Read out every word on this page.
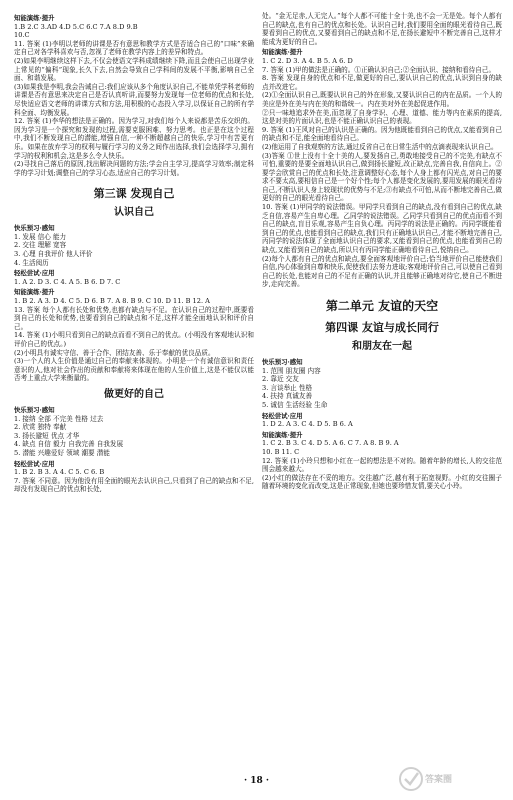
知能演练·提升
1.B 2.C 3.AD 4.D 5.C 6.C 7.A 8.D 9.B
10.C
11. 答案 (1)李明以老师的讲课是否有意思和教学方式是否适合自己的“口味”来确定自己对各学科喜欢与否,忽视了老师在教学内容上的差异和特点。
(2)如果李明继续这样下去,不仅会使语文学科成绩继续下降,而且会使自己出现学业上常见的“偏科”现象,长久下去,自然会导致自己学科间的发展不平衡,影响自己全面、和谐发展。
(3)如果我是李明,我会告诫自己:我们应该从多个角度认识自己,不能单凭学科老师的讲课是否有意思来决定自己是否认真听讲,而要努力发现每一位老师的优点和长处,尽快适应语文老师的讲课方式和方法,用积极的心态投入学习,以保证自己的所有学科全面、均衡发展。
12. 答案 (1)李华的想法是正确的。因为学习,对我们每个人来说都是苦乐交织的。因为学习是一个探究和发现的过程,需要克服困难、努力思考。也正是在这个过程中,我们不断发现自己的潜能,增强自信,一种不断超越自己的快乐,学习中有苦更有乐。如果在放弃学习的权利与履行学习的义务之间作出选择,我们会选择学习,拥有学习的权利和机会,这是多么令人快乐。
(2)寻找自己落后的原因,找出解决问题的方法;学会自主学习,提高学习效率;制定科学的学习计划;调整自己的学习心态,适应自己的学习计划。
第三课 发现自己
认识自己
快乐预习·感知
1. 发展 信心 能力
2. 交往 理解 宽容
3. 心理 自我评价 他人评价
4. 生活阅历
轻松尝试·应用
1. A 2. D 3. C 4. A 5. B 6. D 7. C
知能演练·提升
1. B 2. A 3. D 4. C 5. D 6. B 7. A 8. B 9. C 10. D 11. B 12. A
13. 答案 每个人都有长处和优势,也都有缺点与不足。在认识自己的过程中,既要看到自己的长处和优势,也要看到自己的缺点和不足,这样才能全面地认识和评价自己。
14. 答案 (1)小明只看到自己的缺点而看不到自己的优点。(小明没有客观地认识和评价自己的优点。)
(2)小明具有诚实守信、善于合作、团结友善、乐于奉献的优良品质。
(3)一个人的人生价值是通过自己的奉献来体现的。小明是一个有诚信意识和责任意识的人,他对社会作出的贡献和奉献将来体现在他的人生价值上,这是不能仅以能否考上重点大学来衡量的。
做更好的自己
快乐预习·感知
1. 接纳 全部 不完美 性格 过去
2. 欣赏 独特 奉献
3. 扬长避短 优点 才华
4. 缺点 自信 毅力 自我完善 自我发展
5. 潜能 兴趣爱好 领域 潮要 潜能
轻松尝试·应用
1. B 2. B 3. A 4. C 5. C 6. B
7. 答案 不同意。因为他没有用全面的眼光去认识自己,只看到了自己的缺点和不足,却没有发现自己的优点和长处,
处。“金无足赤,人无完人。”每个人都不可能十全十美,也不会一无是处。每个人都有自己的缺点,也有自己的优点和长处。认识自己时,我们要用全面的眼光看待自己,既要看到自己的优点,又要看到自己的缺点和不足,在扬长避短中不断完善自己,这样才能成为更好的自己。
知能演练·提升
1. C 2. D 3. A 4. B 5. A 6. D
7. 答案 (1)甲的做法是正确的。①正确认识自己;②全面认识、接纳和看待自己。
8. 答案 发现自身的优点和不足,做更好的自己,要认识自己的优点,认识到自身的缺点并改进它。
(2)①全面认识自己,既要认识自己的外在形象,又要认识自己的内在品质。一个人的美应是外在美与内在美的和谐统一。内在美对外在美起促进作用。
②只一味地追求外在美,而忽视了自身学识、心理、道德、能力等内在素质的提高,这是对美的片面认识,也是不能正确认识自己的表现。
9. 答案 (1)王风对自己的认识是正确的。因为他既能看到自己的优点,又能看到自己的缺点和不足,能全面地看待自己。
(2)他运用了自我观察的方法,通过反省自己在日常生活中的点滴表现来认识自己。
(3)答案 ①世上没有十全十美的人,要发扬自己,勇敢地接受自己的不完美,有缺点不可怕,重要的是要全面地认识自己,做到扬长避短,改正缺点,完善自我,自信向上。②要学会欣赏自己的优点和长处,注意调整好心态,每个人身上都有闪光点,对自己的要求不要太高,要相信自己是一个好个性;每个人都是变化发展的,要用发展的眼光看待自己,不断认识人身上较现状的优势与不足;③有缺点不可怕,从而不断地完善自己,做更好的自己的眼光看待自己。
10. 答案 (1)甲同学的说法错误。甲同学只看到自己的缺点,没有看到自己的优点,缺乏自信,容易产生自卑心理。乙同学的说法错误。乙同学只看到自己的优点而看不到自己的缺点,盲目乐观,容易产生自负心理。丙同学的说法是正确的。丙同学既能看到自己的优点,也能看到自己的缺点,我们只有正确地认识自己,才能不断地完善自己,丙同学的说法体现了全面地认识自己的要求,又能看到自己的优点,也能看到自己的缺点,又能看到自己的缺点,所以只有丙同学能正确地看待自己,悦纳自己。
(2)每个人都有自己的优点和缺点,要全面客观地评价自己;恰当地评价自己能使我们自信,内心体验到自尊和快乐,促使我们去努力进取;客观地评价自己,可以使自己看到自己的长处,也能对自己的不足有正确的认识,并且能够正确地对待它,使自己不断进步,走向完善。
第二单元 友谊的天空
第四课 友谊与成长同行
和朋友在一起
快乐预习·感知
1. 范围 朋友圈 内容
2. 靠近 交友
3. 言谈举止 性格
4. 扶持 真诚友善
5. 诚信 生活经验 生命
轻松尝试·应用
1. D 2. A 3. C 4. D 5. B 6. A
知能演练·提升
1. C 2. B 3. C 4. D 5. A 6. C 7. A 8. B 9. A
10. B 11. C
12. 答案 (1)小玲只想和小红在一起的想法是不对的。随着年龄的增长,人的交往范围会越来越大。
(2)小红的做法存在不妥的地方。交往越广泛,越有利于拓宽视野。小红的交往圈子随着环境的变化而改变,这是正常现象,但她也要珍惜友情,要关心小玲。
· 18 ·	答案圈
